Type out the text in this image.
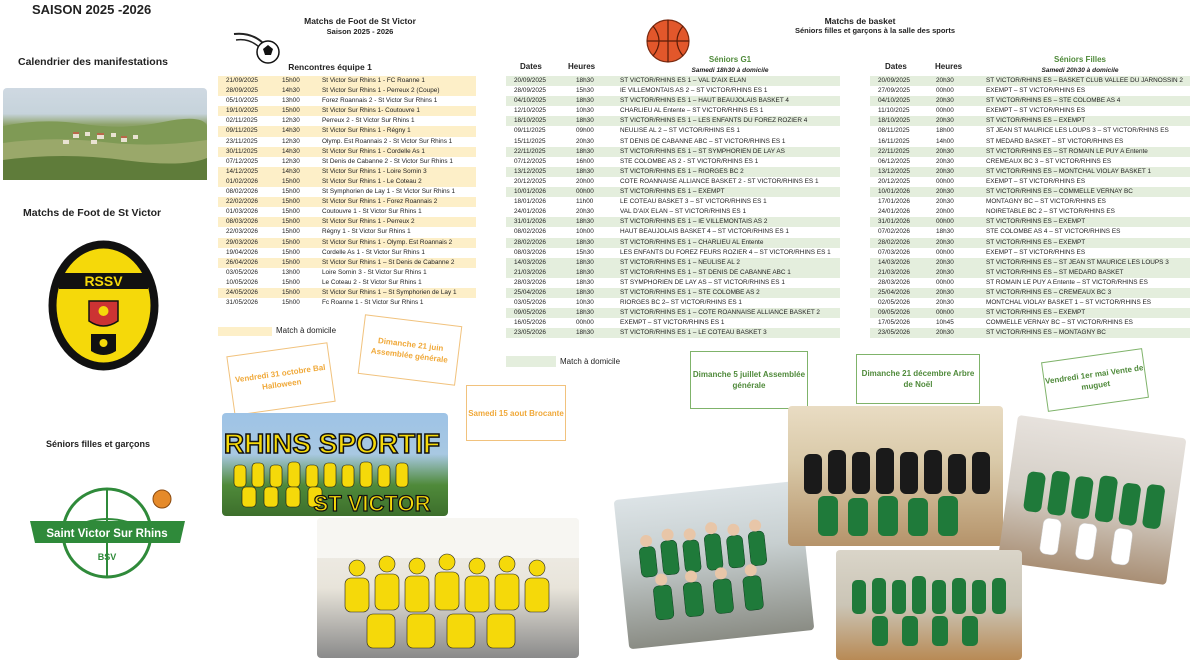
SAISON 2025 -2026
Calendrier des manifestations
Matchs de Foot de St Victor
RSSV
Séniors filles et garçons
Saint Victor Sur Rhins
BSV
Matchs de Foot de St Victor
Saison 2025 - 2026
Rencontres équipe 1
21/09/2025	15h00	St Victor Sur Rhins 1 - FC Roanne 1
28/09/2025	14h30	St Victor Sur Rhins 1 - Perreux 2 (Coupe)
05/10/2025	13h00	Forez Roannais 2 - St Victor Sur Rhins 1
19/10/2025	15h00	St Victor Sur Rhins 1- Coutouvre 1
02/11/2025	12h30	Perreux 2 - St Victor Sur Rhins 1
09/11/2025	14h30	St Victor Sur Rhins 1 - Régny 1
23/11/2025	12h30	Olymp. Est Roannais 2 - St Victor Sur Rhins 1
30/11/2025	14h30	St Victor Sur Rhins 1 - Cordelle As 1
07/12/2025	12h30	St Denis de Cabanne 2 - St Victor Sur Rhins 1
14/12/2025	14h30	St Victor Sur Rhins 1 - Loire Sornin 3
01/02/2026	15h00	St Victor Sur Rhins 1 - Le Coteau 2
08/02/2026	15h00	St Symphorien de Lay 1 - St Victor Sur Rhins 1
22/02/2026	15h00	St Victor Sur Rhins 1 - Forez Roannais 2
01/03/2026	15h00	Coutouvre 1 - St Victor Sur Rhins 1
08/03/2026	15h00	St Victor Sur Rhins 1 - Perreux 2
22/03/2026	15h00	Régny 1 - St Victor Sur Rhins 1
29/03/2026	15h00	St Victor Sur Rhins 1 - Olymp. Est Roannais 2
19/04/2026	15h00	Cordelle As 1 - St Victor Sur Rhins 1
26/04/2026	15h00	St Victor Sur Rhins 1 – St Denis de Cabanne 2
03/05/2026	13h00	Loire Sornin 3 - St Victor Sur Rhins 1
10/05/2026	15h00	Le Coteau 2 - St Victor Sur Rhins 1
24/05/2026	15h00	St Victor Sur Rhins 1 – St Symphorien de Lay 1
31/05/2026	15h00	Fc Roanne 1 - St Victor Sur Rhins 1
Match à domicile
Vendredi 31 octobre Bal Halloween
Dimanche 21 juin Assemblée générale
Samedi 15 aout Brocante
RHINS SPORTIF
ST VICTOR
Matchs de basket
Séniors filles et garçons à la salle des sports
Dates	Heures
Séniors G1
Samedi 18h30 à domicile
20/09/2025	18h30	ST VICTOR/RHINS ES 1 – VAL D'AIX ELAN
28/09/2025	15h30	IE VILLEMONTAIS AS 2 – ST VICTOR/RHINS ES 1
04/10/2025	18h30	ST VICTOR/RHINS ES 1 – HAUT BEAUJOLAIS BASKET 4
12/10/2025	10h30	CHARLIEU AL Entente – ST VICTOR/RHINS ES 1
18/10/2025	18h30	ST VICTOR/RHINS ES 1 – LES ENFANTS DU FOREZ ROZIER 4
09/11/2025	09h00	NEULISE AL 2 – ST VICTOR/RHINS ES 1
15/11/2025	20h30	ST DENIS DE CABANNE ABC – ST VICTOR/RHINS ES 1
22/11/2025	18h30	ST VICTOR/RHINS ES 1 – ST SYMPHORIEN DE LAY AS
07/12/2025	16h00	STE COLOMBE AS 2 - ST VICTOR/RHINS ES 1
13/12/2025	18h30	ST VICTOR/RHINS ES 1 – RIORGES BC 2
20/12/2025	20h00	COTE ROANNAISE ALLIANCE BASKET 2 - ST VICTOR/RHINS ES 1
10/01/2026	00h00	ST VICTOR/RHINS ES 1 – EXEMPT
18/01/2026	11h00	LE COTEAU BASKET 3 – ST VICTOR/RHINS ES 1
24/01/2026	20h30	VAL D'AIX ELAN – ST VICTOR/RHINS ES 1
31/01/2026	18h30	ST VICTOR/RHINS ES 1 – IE VILLEMONTAIS AS 2
08/02/2026	10h00	HAUT BEAUJOLAIS BASKET 4 – ST VICTOR/RHINS ES 1
28/02/2026	18h30	ST VICTOR/RHINS ES 1 – CHARLIEU AL Entente
08/03/2026	15h30	LES ENFANTS DU FOREZ FEURS ROZIER 4 – ST VICTOR/RHINS ES 1
14/03/2026	18h30	ST VICTOR/RHINS ES 1 – NEULISE AL 2
21/03/2026	18h30	ST VICTOR/RHINS ES 1 – ST DENIS DE CABANNE ABC 1
28/03/2026	18h30	ST SYMPHORIEN DE LAY AS – ST VICTOR/RHINS ES 1
25/04/2026	18h30	ST VICTOR/RHINS ES 1 – STE COLOMBE AS 2
03/05/2026	10h30	RIORGES BC 2– ST VICTOR/RHINS ES 1
09/05/2026	18h30	ST VICTOR/RHINS ES 1 – COTE ROANNAISE ALLIANCE BASKET 2
16/05/2026	00h00	EXEMPT – ST VICTOR/RHINS ES 1
23/05/2026	18h30	ST VICTOR/RHINS ES 1 – LE COTEAU BASKET 3
Match à domicile
Dates	Heures
Séniors Filles
Samedi 20h30 à domicile
20/09/2025	20h30	ST VICTOR/RHINS ES – BASKET CLUB VALLEE DU JARNOSSIN 2
27/09/2025	00h00	EXEMPT – ST VICTOR/RHINS ES
04/10/2025	20h30	ST VICTOR/RHINS ES – STE COLOMBE AS 4
11/10/2025	00h00	EXEMPT – ST VICTOR/RHINS ES
18/10/2025	20h30	ST VICTOR/RHINS ES – EXEMPT
08/11/2025	18h00	ST JEAN ST MAURICE LES LOUPS 3 – ST VICTOR/RHINS ES
16/11/2025	14h00	ST MEDARD BASKET – ST VICTOR/RHINS ES
22/11/2025	20h30	ST VICTOR/RHINS ES – ST ROMAIN LE PUY A Entente
06/12/2025	20h30	CREMEAUX BC 3 – ST VICTOR/RHINS ES
13/12/2025	20h30	ST VICTOR/RHINS ES – MONTCHAL VIOLAY BASKET 1
20/12/2025	00h00	EXEMPT – ST VICTOR/RHINS ES
10/01/2026	20h30	ST VICTOR/RHINS ES – COMMELLE VERNAY BC
17/01/2026	20h30	MONTAGNY BC – ST VICTOR/RHINS ES
24/01/2026	20h00	NOIRETABLE BC 2 – ST VICTOR/RHINS ES
31/01/2026	00h00	ST VICTOR/RHINS ES – EXEMPT
07/02/2026	18h30	STE COLOMBE AS 4 – ST VICTOR/RHINS ES
28/02/2026	20h30	ST VICTOR/RHINS ES – EXEMPT
07/03/2026	00h00	EXEMPT – ST VICTOR/RHINS ES
14/03/2026	20h30	ST VICTOR/RHINS ES – ST JEAN ST MAURICE LES LOUPS 3
21/03/2026	20h30	ST VICTOR/RHINS ES – ST MEDARD BASKET
28/03/2026	00h00	ST ROMAIN LE PUY A Entente – ST VICTOR/RHINS ES
25/04/2026	20h30	ST VICTOR/RHINS ES – CREMEAUX BC 3
02/05/2026	20h30	MONTCHAL VIOLAY BASKET 1 – ST VICTOR/RHINS ES
09/05/2026	00h00	ST VICTOR/RHINS ES – EXEMPT
17/05/2026	10h45	COMMELLE VERNAY BC – ST VICTOR/RHINS ES
23/05/2026	20h30	ST VICTOR/RHINS ES – MONTAGNY BC
Dimanche 5 juillet Assemblée générale
Dimanche 21 décembre Arbre de Noël	Vendredi 1er mai Vente de muguet
